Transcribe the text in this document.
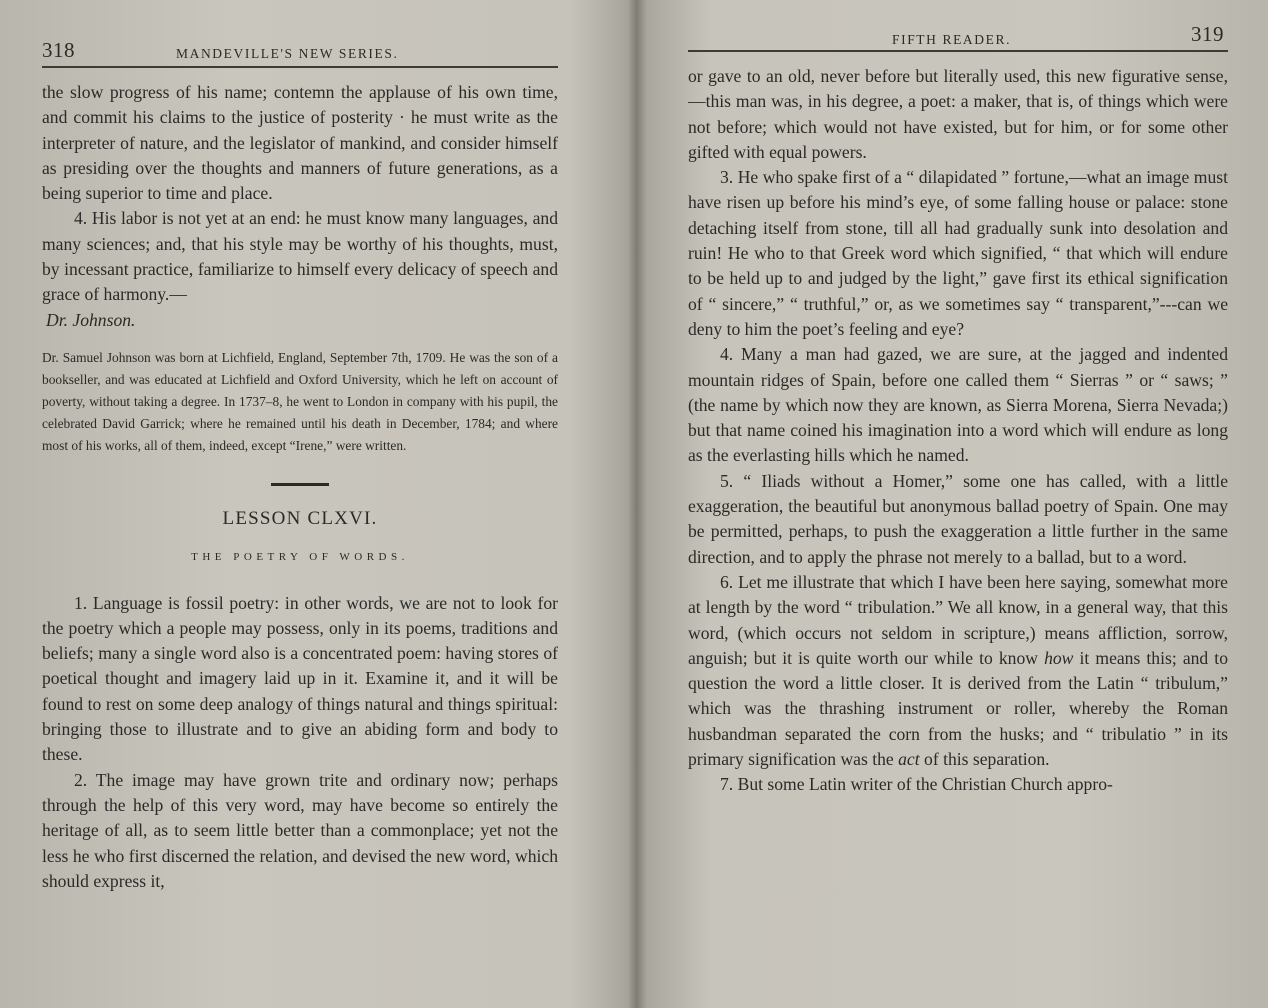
318	MANDEVILLE'S NEW SERIES.

the slow progress of his name; contemn the applause of his own time, and commit his claims to the justice of posterity · he must write as the interpreter of nature, and the legislator of mankind, and consider himself as presiding over the thoughts and manners of future generations, as a being superior to time and place.

4. His labor is not yet at an end: he must know many languages, and many sciences; and, that his style may be worthy of his thoughts, must, by incessant practice, familiarize to himself every delicacy of speech and grace of harmony.—

Dr. Johnson.

Dr. Samuel Johnson was born at Lichfield, England, September 7th, 1709. He was the son of a bookseller, and was educated at Lichfield and Oxford University, which he left on account of poverty, without taking a degree. In 1737–8, he went to London in company with his pupil, the celebrated David Garrick; where he remained until his death in December, 1784; and where most of his works, all of them, indeed, except “Irene,” were written.

LESSON CLXVI.
THE POETRY OF WORDS.

1. Language is fossil poetry: in other words, we are not to look for the poetry which a people may possess, only in its poems, traditions and beliefs; many a single word also is a concentrated poem: having stores of poetical thought and imagery laid up in it. Examine it, and it will be found to rest on some deep analogy of things natural and things spiritual: bringing those to illustrate and to give an abiding form and body to these.

2. The image may have grown trite and ordinary now; perhaps through the help of this very word, may have become so entirely the heritage of all, as to seem little better than a commonplace; yet not the less he who first discerned the relation, and devised the new word, which should express it,

FIFTH READER.	319

or gave to an old, never before but literally used, this new figurative sense,—this man was, in his degree, a poet: a maker, that is, of things which were not before; which would not have existed, but for him, or for some other gifted with equal powers.

3. He who spake first of a “ dilapidated ” fortune,—what an image must have risen up before his mind’s eye, of some falling house or palace: stone detaching itself from stone, till all had gradually sunk into desolation and ruin! He who to that Greek word which signified, “ that which will endure to be held up to and judged by the light,” gave first its ethical signification of “ sincere,” “ truthful,” or, as we sometimes say “ transparent,”---can we deny to him the poet’s feeling and eye?

4. Many a man had gazed, we are sure, at the jagged and indented mountain ridges of Spain, before one called them “ Sierras ” or “ saws; ” (the name by which now they are known, as Sierra Morena, Sierra Nevada;) but that name coined his imagination into a word which will endure as long as the everlasting hills which he named.

5. “ Iliads without a Homer,” some one has called, with a little exaggeration, the beautiful but anonymous ballad poetry of Spain. One may be permitted, perhaps, to push the exaggeration a little further in the same direction, and to apply the phrase not merely to a ballad, but to a word.

6. Let me illustrate that which I have been here saying, somewhat more at length by the word “ tribulation.” We all know, in a general way, that this word, (which occurs not seldom in scripture,) means affliction, sorrow, anguish; but it is quite worth our while to know how it means this; and to question the word a little closer. It is derived from the Latin “ tribulum,” which was the thrashing instrument or roller, whereby the Roman husbandman separated the corn from the husks; and “ tribulatio ” in its primary signification was the act of this separation.

7. But some Latin writer of the Christian Church appro-
